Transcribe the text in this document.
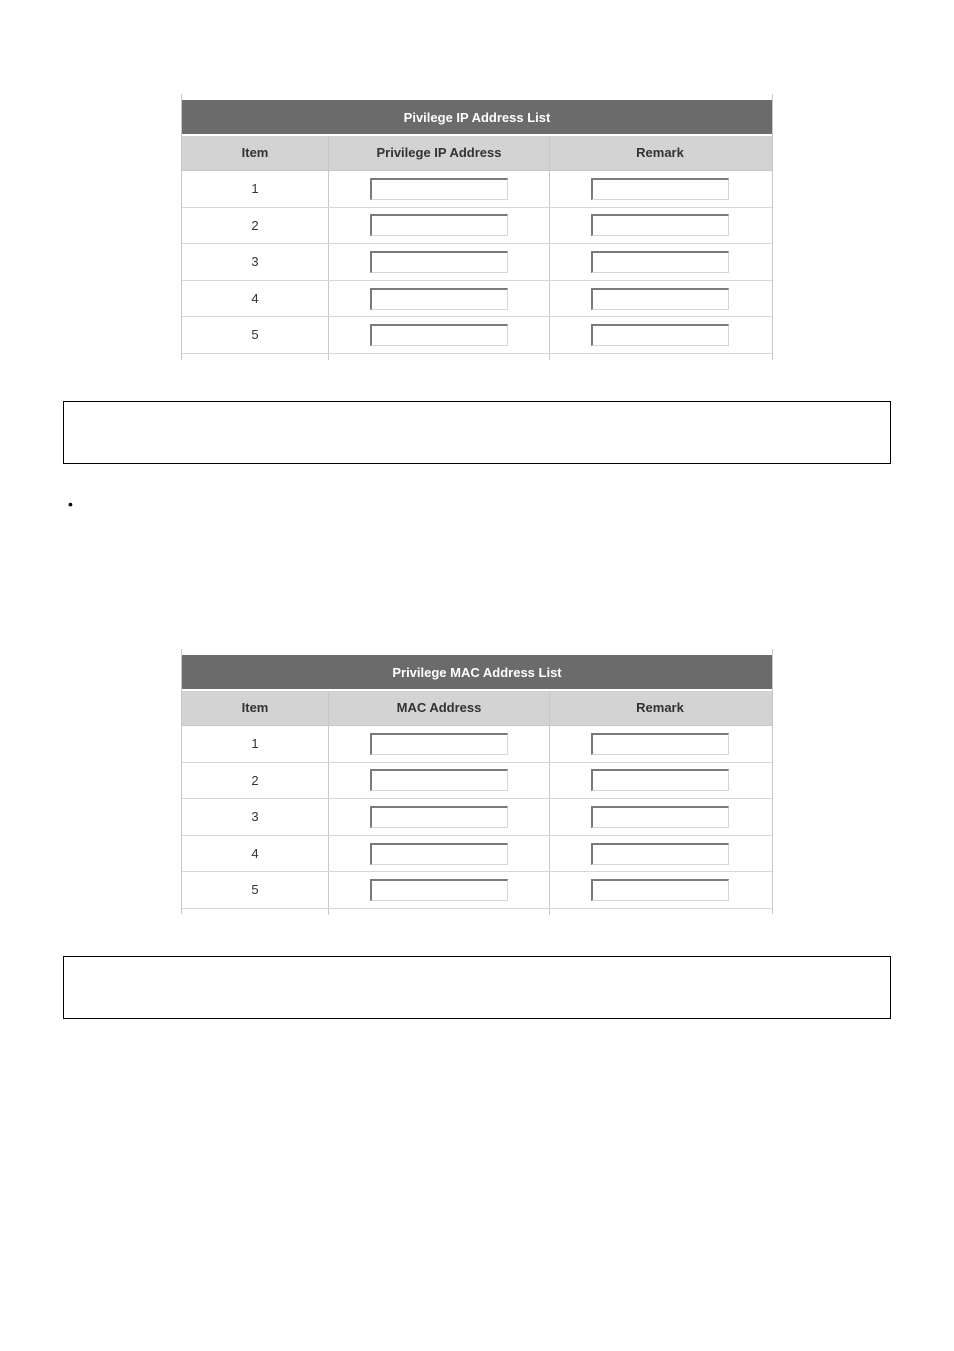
Pivilege IP Address List
Item	Privilege IP Address	Remark
1
2
3
4
5
•
Privilege MAC Address List
Item	MAC Address	Remark
1
2
3
4
5
